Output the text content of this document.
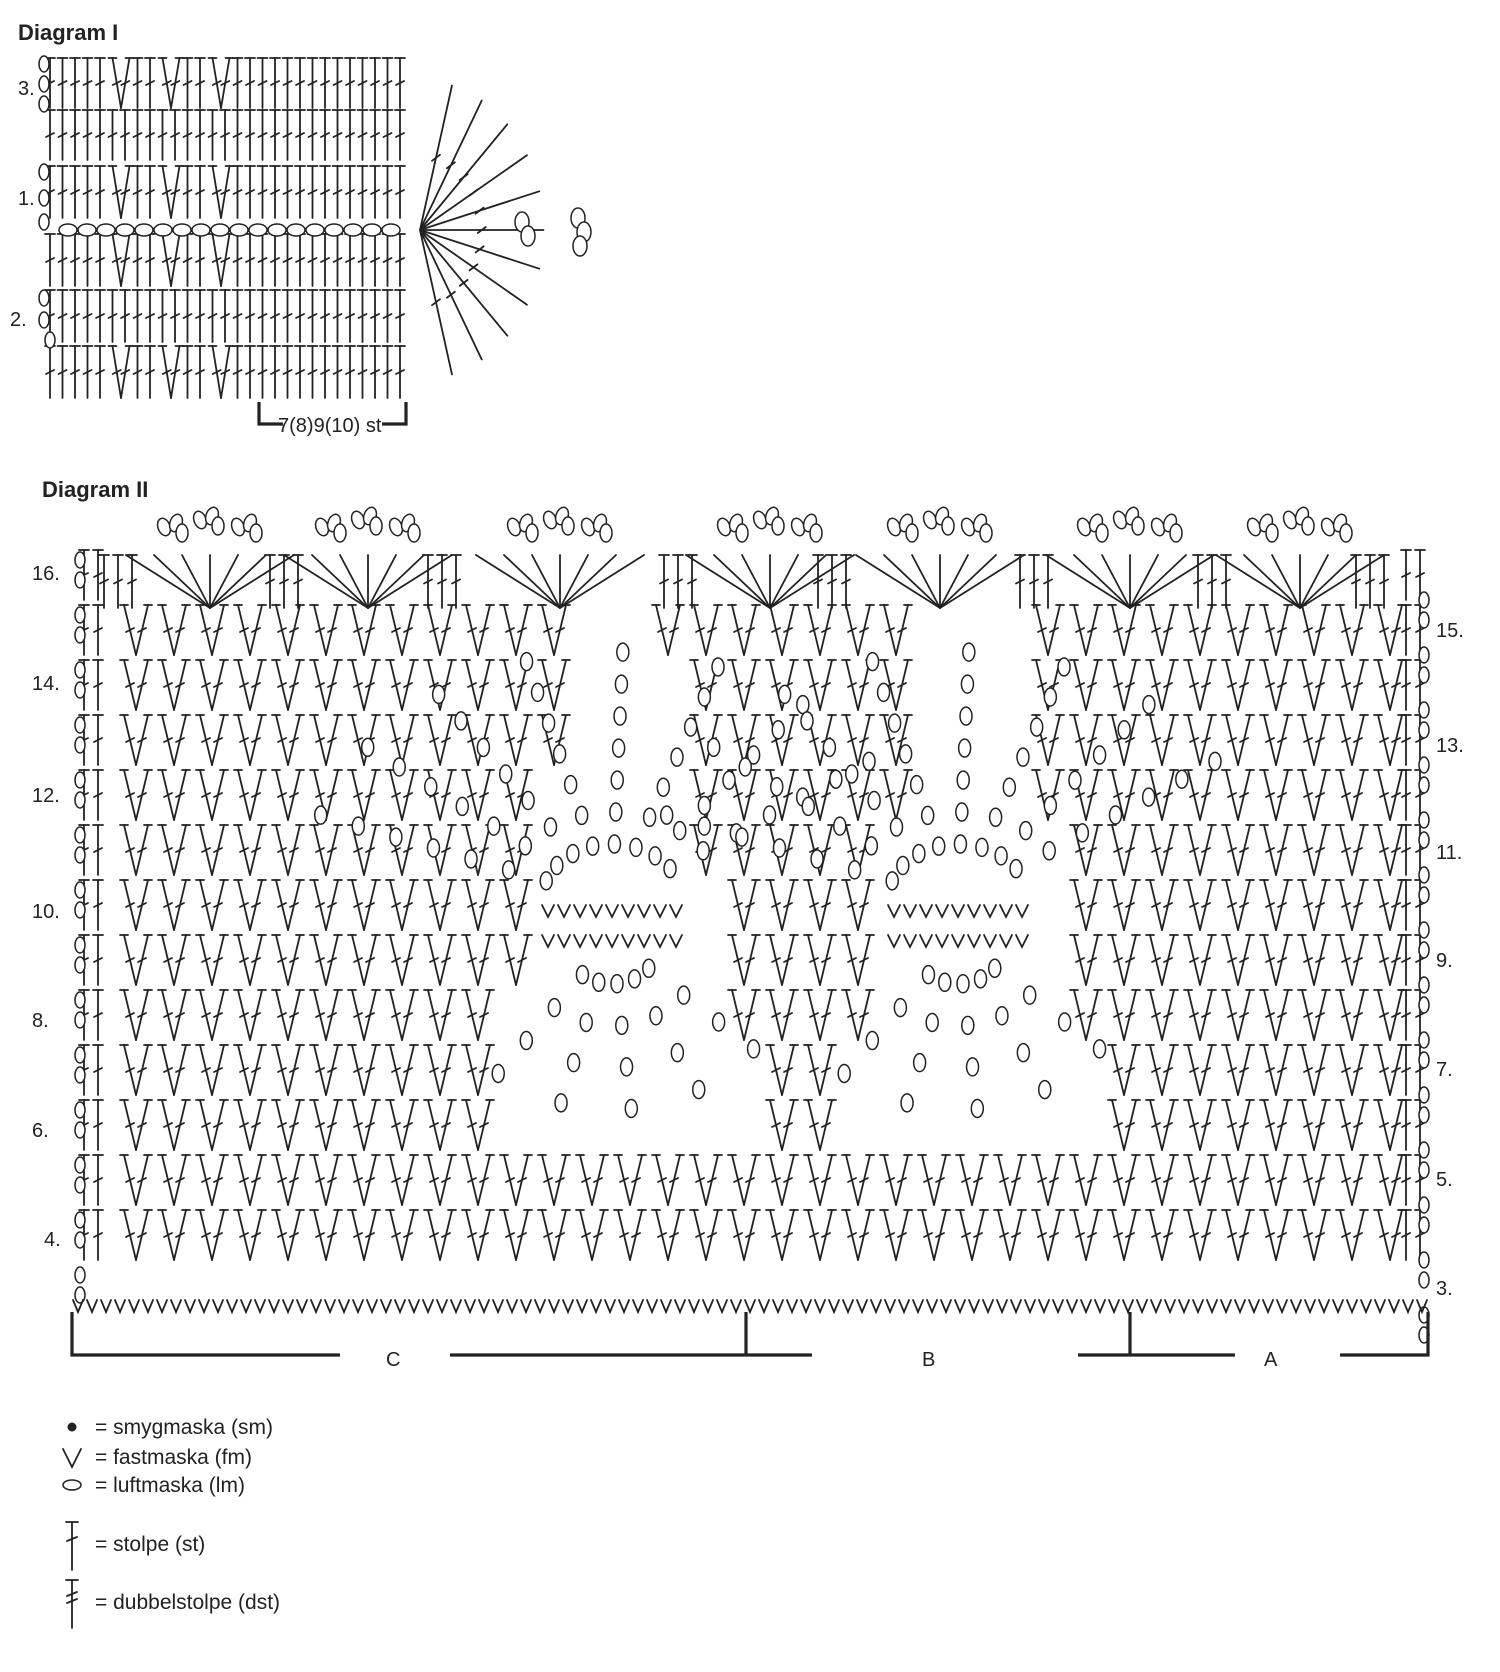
Diagram I
3.
1.
2.
7(8)9(10) st
Diagram II
16.
14.
12.
10.
8.
6.
4.
15.
13.
11.
9.
7.
5.
3.
C	B	A
= smygmaska (sm)
= fastmaska (fm)
= luftmaska (lm)
= stolpe (st)
= dubbelstolpe (dst)
